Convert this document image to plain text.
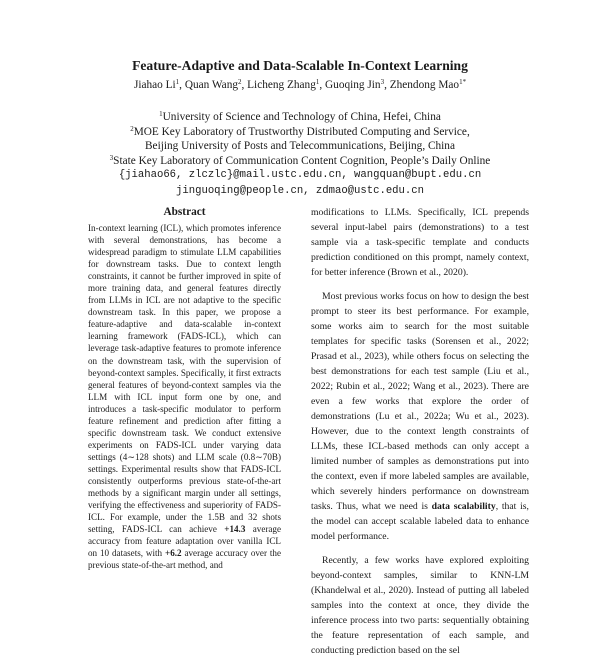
Feature-Adaptive and Data-Scalable In-Context Learning
Jiahao Li$^1$, Quan Wang$^2$, Licheng Zhang$^1$, Guoqing Jin$^3$, Zhendong Mao$^{1*}$
$^1$University of Science and Technology of China, Hefei, China
$^2$MOE Key Laboratory of Trustworthy Distributed Computing and Service,
Beijing University of Posts and Telecommunications, Beijing, China
$^3$State Key Laboratory of Communication Content Cognition, People’s Daily Online
{jiahao66, zlczlc}@mail.ustc.edu.cn, wangquan@bupt.edu.cn
jinguoqing@people.cn, zdmao@ustc.edu.cn
Abstract

In-context learning (ICL), which promotes inference with several demonstrations, has become a widespread paradigm to stimulate LLM capabilities for downstream tasks. Due to context length constraints, it cannot be further improved in spite of more training data, and general features directly from LLMs in ICL are not adaptive to the specific downstream task. In this paper, we propose a feature-adaptive and data-scalable in-context learning framework (FADS-ICL), which can leverage task-adaptive features to promote inference on the downstream task, with the supervision of beyond-context samples. Specifically, it first extracts general features of beyond-context samples via the LLM with ICL input form one by one, and introduces a task-specific modulator to perform feature refinement and prediction after fitting a specific downstream task. We conduct extensive experiments on FADS-ICL under varying data settings (4∼128 shots) and LLM scale (0.8∼70B) settings. Experimental results show that FADS-ICL consistently outperforms previous state-of-the-art methods by a significant margin under all settings, verifying the effectiveness and superiority of FADS-ICL. For example, under the 1.5B and 32 shots setting, FADS-ICL can achieve +14.3 average accuracy from feature adaptation over vanilla ICL on 10 datasets, with +6.2 average accuracy over the previous state-of-the-art method, and

modifications to LLMs. Specifically, ICL prepends several input-label pairs (demonstrations) to a test sample via a task-specific template and conducts prediction conditioned on this prompt, namely context, for better inference (Brown et al., 2020).

Most previous works focus on how to design the best prompt to steer its best performance. For example, some works aim to search for the most suitable templates for specific tasks (Sorensen et al., 2022; Prasad et al., 2023), while others focus on selecting the best demonstrations for each test sample (Liu et al., 2022; Rubin et al., 2022; Wang et al., 2023). There are even a few works that explore the order of demonstrations (Lu et al., 2022a; Wu et al., 2023). However, due to the context length constraints of LLMs, these ICL-based methods can only accept a limited number of samples as demonstrations put into the context, even if more labeled samples are available, which severely hinders performance on downstream tasks. Thus, what we need is data scalability, that is, the model can accept scalable labeled data to enhance model performance.

Recently, a few works have explored exploiting beyond-context samples, similar to KNN-LM (Khandelwal et al., 2020). Instead of putting all labeled samples into the context at once, they divide the inference process into two parts: sequentially obtaining the feature representation of each sample, and conducting prediction based on the sel
